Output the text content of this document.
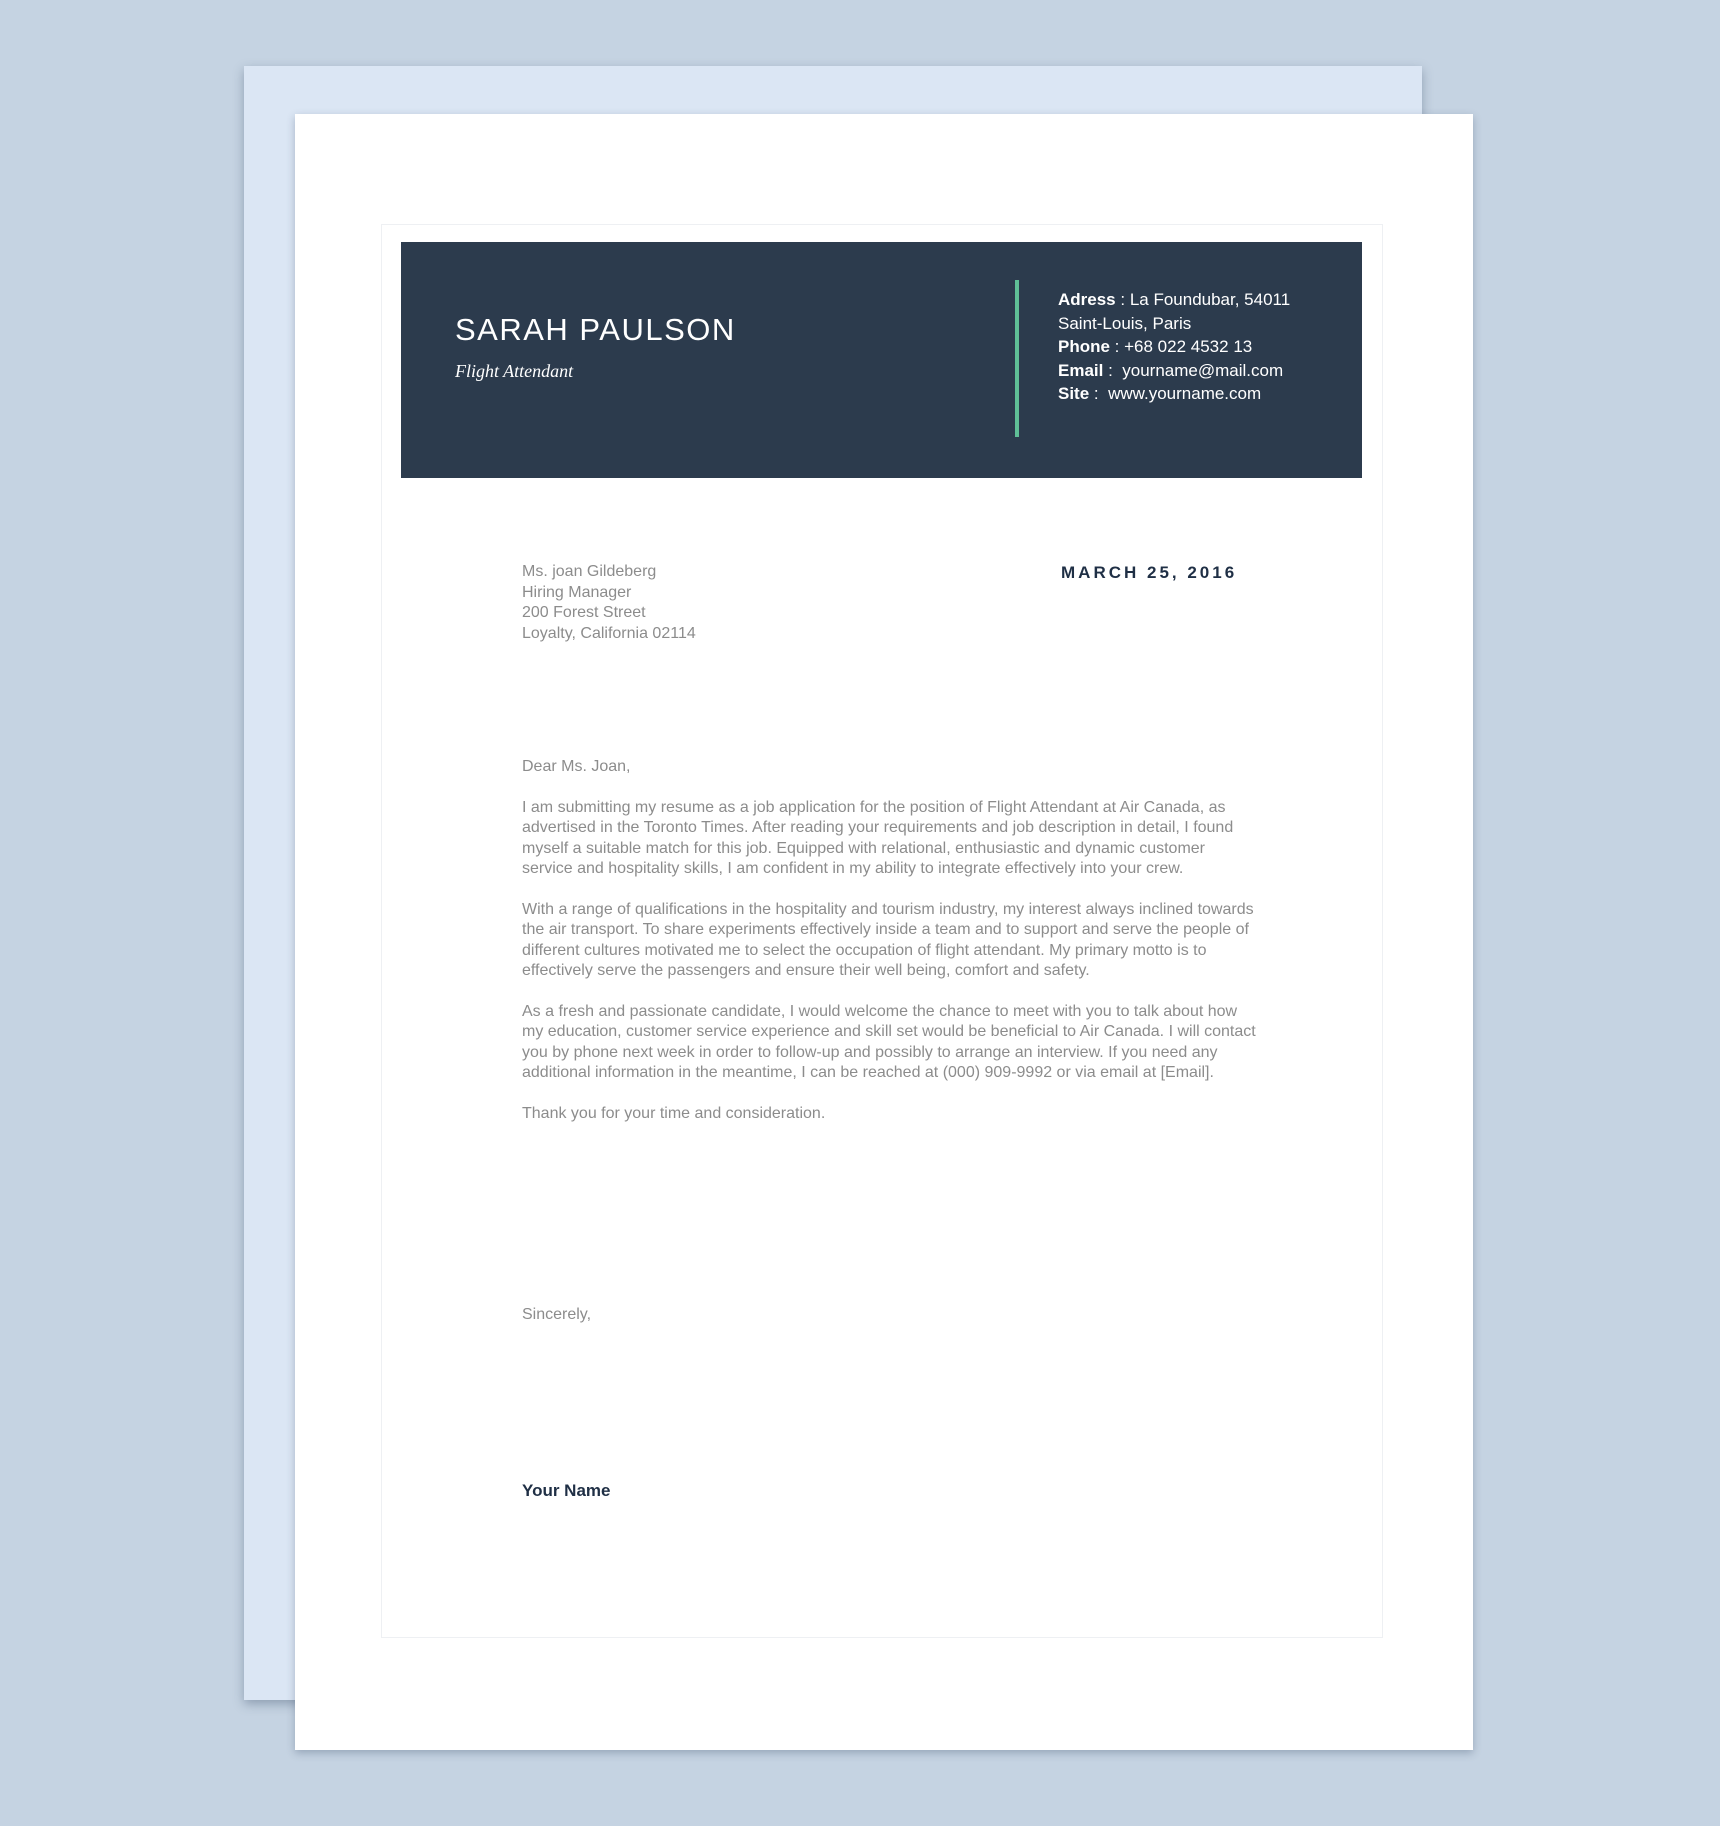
SARAH PAULSON
Flight Attendant
Adress : La Foundubar, 54011
Saint-Louis, Paris
Phone : +68 022 4532 13
Email :  yourname@mail.com
Site :  www.yourname.com
Ms. joan Gildeberg
Hiring Manager
200 Forest Street
Loyalty, California 02114
MARCH 25, 2016

Dear Ms. Joan,

I am submitting my resume as a job application for the position of Flight Attendant at Air Canada, as advertised in the Toronto Times. After reading your requirements and job description in detail, I found myself a suitable match for this job. Equipped with relational, enthusiastic and dynamic customer service and hospitality skills, I am confident in my ability to integrate effectively into your crew.

With a range of qualifications in the hospitality and tourism industry, my interest always inclined towards the air transport. To share experiments effectively inside a team and to support and serve the people of different cultures motivated me to select the occupation of flight attendant. My primary motto is to effectively serve the passengers and ensure their well being, comfort and safety.

As a fresh and passionate candidate, I would welcome the chance to meet with you to talk about how my education, customer service experience and skill set would be beneficial to Air Canada. I will contact you by phone next week in order to follow-up and possibly to arrange an interview. If you need any additional information in the meantime, I can be reached at (000) 909-9992 or via email at [Email].

Thank you for your time and consideration.

Sincerely,
Your Name
